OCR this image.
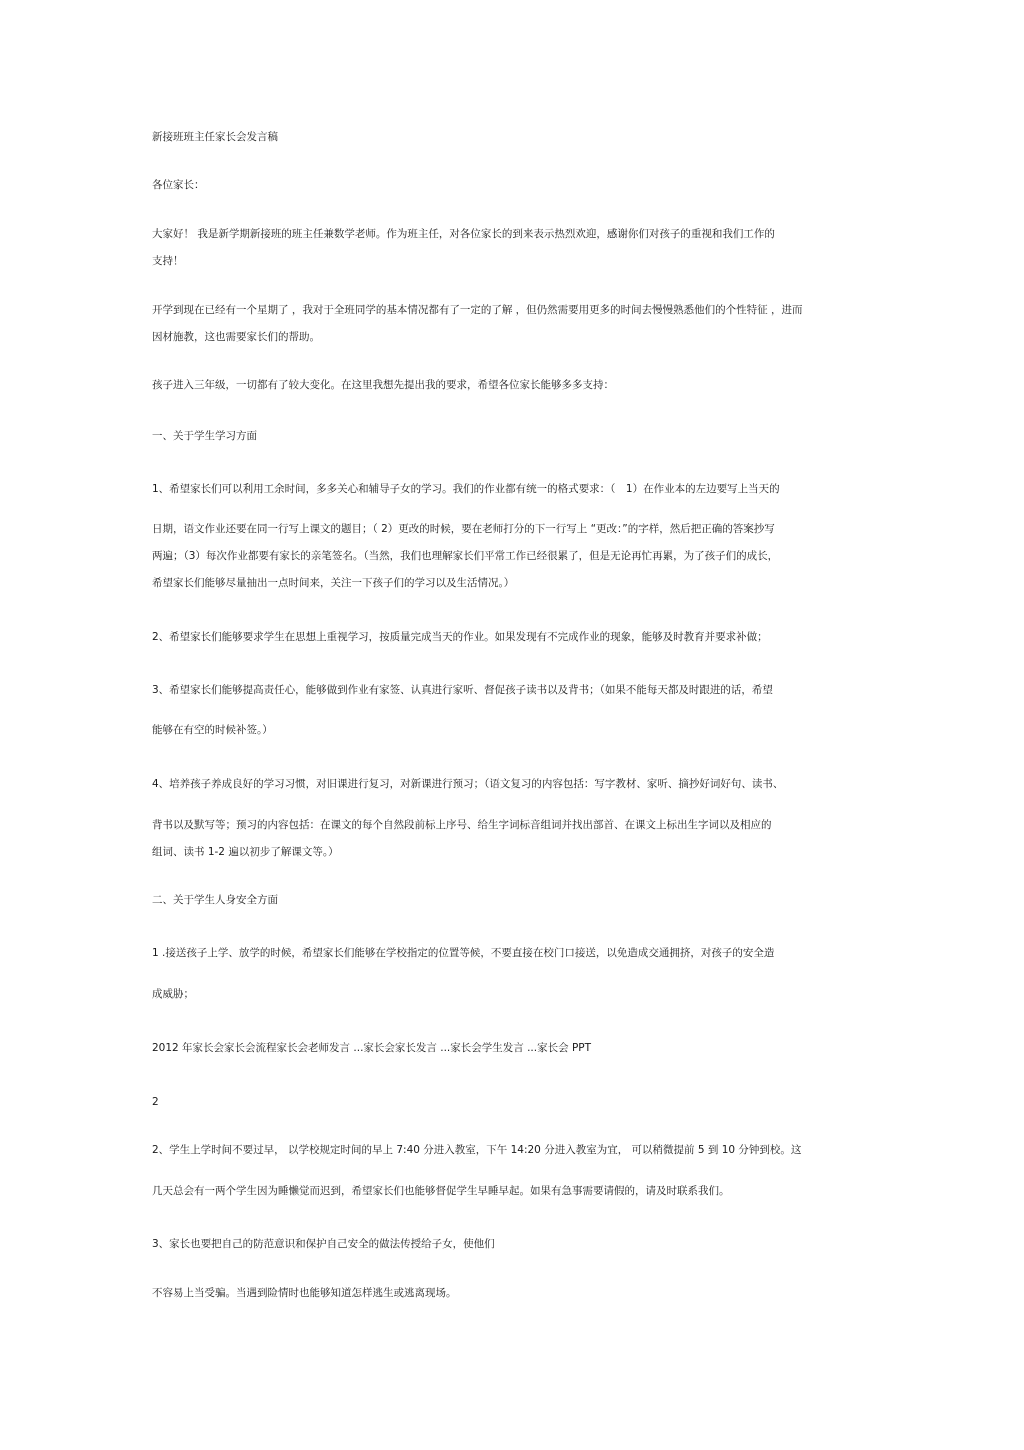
新接班班主任家长会发言稿
各位家长：
大家好！ 我是新学期新接班的班主任兼数学老师。作为班主任，对各位家长的到来表示热烈欢迎，感谢你们对孩子的重视和我们工作的
支持！
开学到现在已经有一个星期了 ，我对于全班同学的基本情况都有了一定的了解 ，但仍然需要用更多的时间去慢慢熟悉他们的个性特征 ，进而
因材施教，这也需要家长们的帮助。
孩子进入三年级，一切都有了较大变化。在这里我想先提出我的要求，希望各位家长能够多多支持：
一、关于学生学习方面
1、希望家长们可以利用工余时间，多多关心和辅导子女的学习。我们的作业都有统一的格式要求：（　1）在作业本的左边要写上当天的
日期，语文作业还要在同一行写上课文的题目；（ 2）更改的时候，要在老师打分的下一行写上 “更改：”的字样，然后把正确的答案抄写
两遍；（3）每次作业都要有家长的亲笔签名。（当然，我们也理解家长们平常工作已经很累了，但是无论再忙再累，为了孩子们的成长，
希望家长们能够尽量抽出一点时间来，关注一下孩子们的学习以及生活情况。）
2、希望家长们能够要求学生在思想上重视学习，按质量完成当天的作业。如果发现有不完成作业的现象，能够及时教育并要求补做；
3、希望家长们能够提高责任心，能够做到作业有家签、认真进行家听、督促孩子读书以及背书；（如果不能每天都及时跟进的话，希望
能够在有空的时候补签。）
4、培养孩子养成良好的学习习惯，对旧课进行复习，对新课进行预习；（语文复习的内容包括：写字教材、家听、摘抄好词好句、读书、
背书以及默写等；预习的内容包括：在课文的每个自然段前标上序号、给生字词标音组词并找出部首、在课文上标出生字词以及相应的
组词、读书 1-2 遍以初步了解课文等。）
二、关于学生人身安全方面
1 .接送孩子上学、放学的时候，希望家长们能够在学校指定的位置等候，不要直接在校门口接送，以免造成交通拥挤，对孩子的安全造
成威胁；
2012 年家长会家长会流程家长会老师发言 ...家长会家长发言 ...家长会学生发言 ...家长会 PPT
2
2、学生上学时间不要过早， 以学校规定时间的早上 7:40 分进入教室，下午 14:20 分进入教室为宜， 可以稍微提前 5 到 10 分钟到校。这
几天总会有一两个学生因为睡懒觉而迟到，希望家长们也能够督促学生早睡早起。如果有急事需要请假的，请及时联系我们。
3、家长也要把自己的防范意识和保护自己安全的做法传授给子女，使他们
不容易上当受骗。当遇到险情时也能够知道怎样逃生或逃离现场。
